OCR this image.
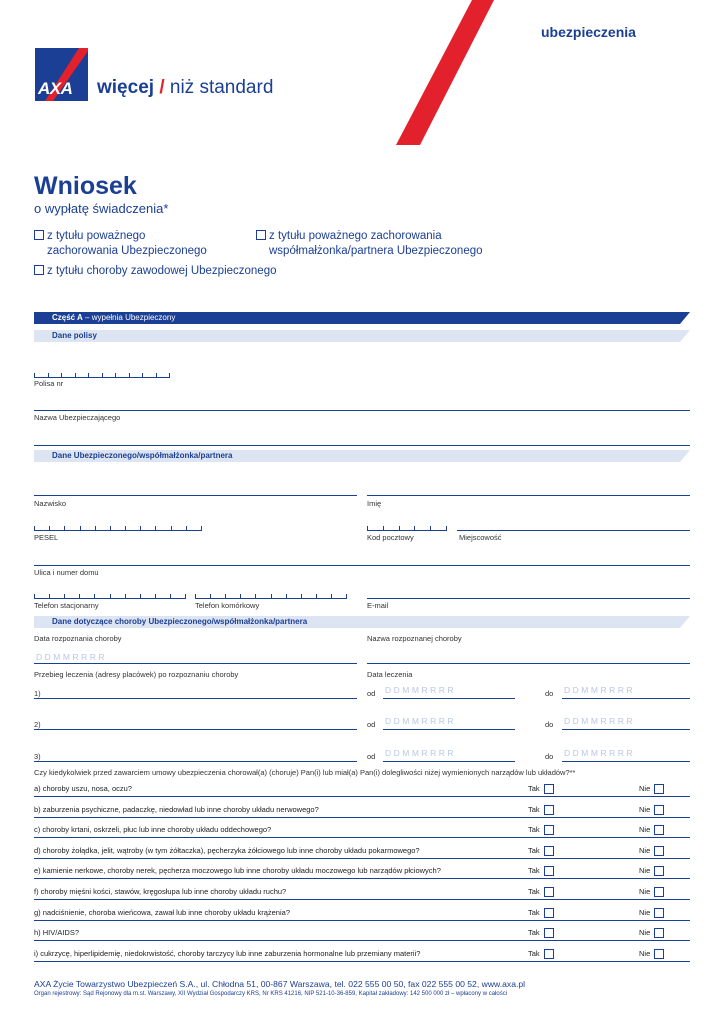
ubezpieczenia
AXA więcej / niż standard
Wniosek
o wypłatę świadczenia*
z tytułu poważnego
zachorowania Ubezpieczonego
z tytułu poważnego zachorowania
współmałżonka/partnera Ubezpieczonego
z tytułu choroby zawodowej Ubezpieczonego
Część A – wypełnia Ubezpieczony
Dane polisy
Polisa nr
Nazwa Ubezpieczającego
Dane Ubezpieczonego/współmałżonka/partnera
Nazwisko	Imię
PESEL	Kod pocztowy	Miejscowość
Ulica i numer domu
Telefon stacjonarny	Telefon komórkowy	E-mail
Dane dotyczące choroby Ubezpieczonego/współmałżonka/partnera
Data rozpoznania choroby	Nazwa rozpoznanej choroby
DDMMRRRR
Przebieg leczenia (adresy placówek) po rozpoznaniu choroby	Data leczenia
1)	od DDMMRRRR	do DDMMRRRR
2)	od DDMMRRRR	do DDMMRRRR
3)	od DDMMRRRR	do DDMMRRRR
Czy kiedykolwiek przed zawarciem umowy ubezpieczenia chorował(a) (choruje) Pan(i) lub miał(a) Pan(i) dolegliwości niżej wymienionych narządów lub układów?**
a) choroby uszu, nosa, oczu?	Tak	Nie
b) zaburzenia psychiczne, padaczkę, niedowład lub inne choroby układu nerwowego?	Tak	Nie
c) choroby krtani, oskrzeli, płuc lub inne choroby układu oddechowego?	Tak	Nie
d) choroby żołądka, jelit, wątroby (w tym żółtaczka), pęcherzyka żółciowego lub inne choroby układu pokarmowego?	Tak	Nie
e) kamienie nerkowe, choroby nerek, pęcherza moczowego lub inne choroby układu moczowego lub narządów płciowych?	Tak	Nie
f) choroby mięśni kości, stawów, kręgosłupa lub inne choroby układu ruchu?	Tak	Nie
g) nadciśnienie, choroba wieńcowa, zawał lub inne choroby układu krążenia?	Tak	Nie
h) HIV/AIDS?	Tak	Nie
i) cukrzycę, hiperlipidemię, niedokrwistość, choroby tarczycy lub inne zaburzenia hormonalne lub przemiany materii?	Tak	Nie
AXA Życie Towarzystwo Ubezpieczeń S.A., ul. Chłodna 51, 00-867 Warszawa, tel. 022 555 00 50, fax 022 555 00 52, www.axa.pl
Organ rejestrowy: Sąd Rejonowy dla m.st. Warszawy, XII Wydział Gospodarczy KRS, Nr KRS 41216, NIP 521-10-36-859, Kapitał zakładowy: 142 500 000 zł – wpłacony w całości
